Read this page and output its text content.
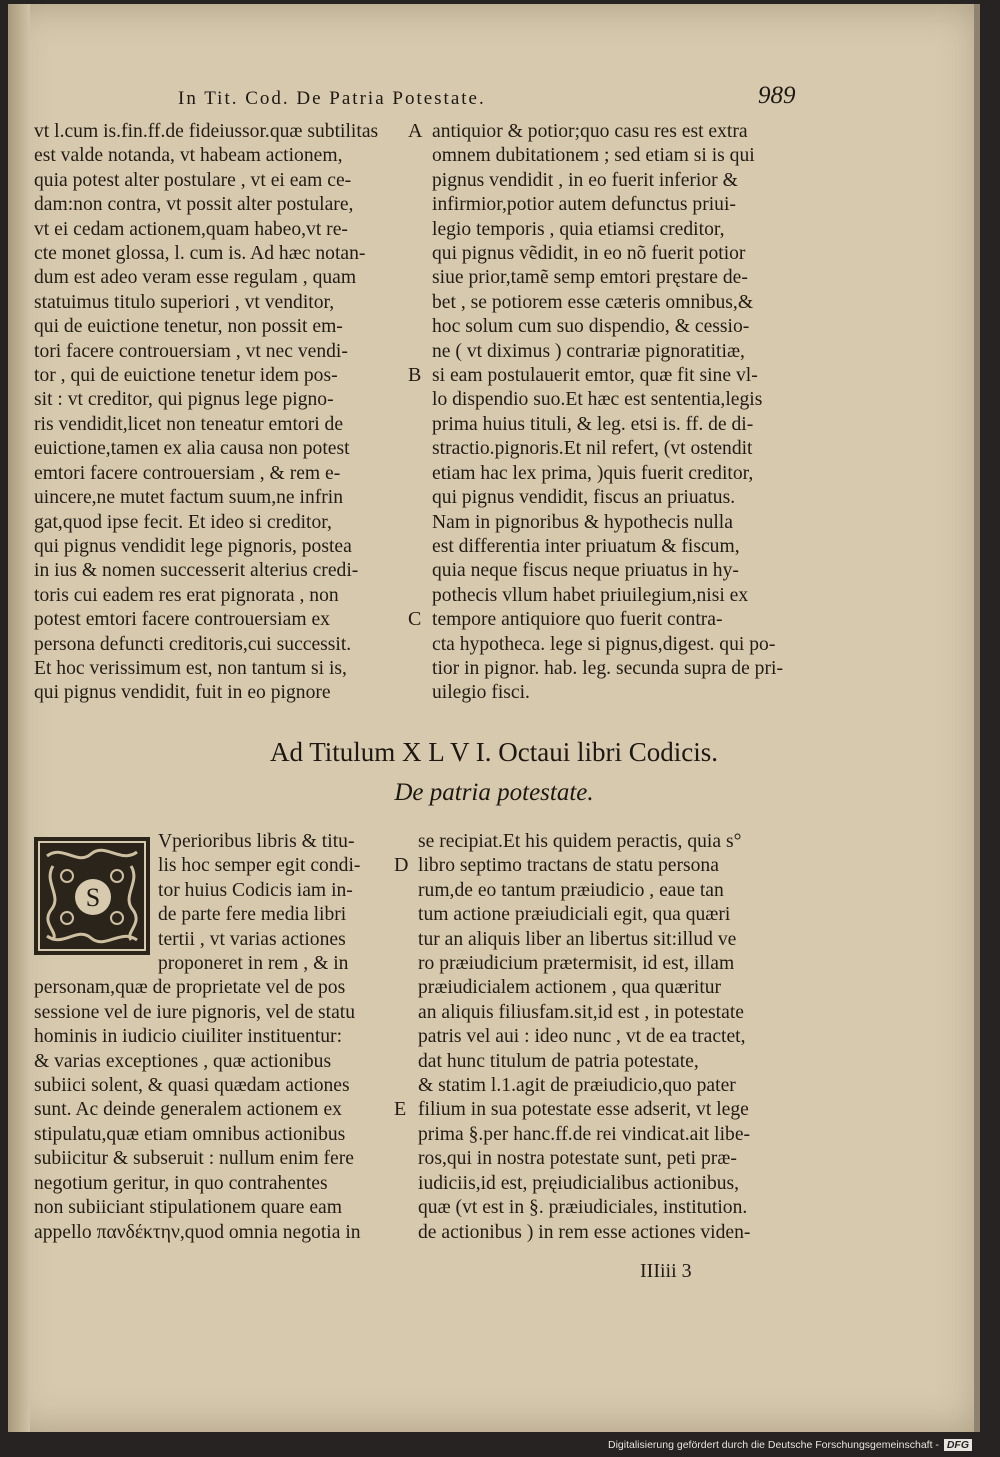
In Tit. Cod. De Patria Potestate.	989
vt l.cum is.fin.ff.de fideiussor.quæ subtilitas
est valde notanda, vt habeam actionem,
quia potest alter postulare , vt ei eam ce-
dam:non contra, vt possit alter postulare,
vt ei cedam actionem,quam habeo,vt re-
cte monet glossa, l. cum is. Ad hæc notan-
dum est adeo veram esse regulam , quam
statuimus titulo superiori , vt venditor,
qui de euictione tenetur, non possit em-
tori facere controuersiam , vt nec vendi-
tor , qui de euictione tenetur idem pos-
sit : vt creditor, qui pignus lege pigno-
ris vendidit,licet non teneatur emtori de
euictione,tamen ex alia causa non potest
emtori facere controuersiam , & rem e-
uincere,ne mutet factum suum,ne infrin
gat,quod ipse fecit. Et ideo si creditor,
qui pignus vendidit lege pignoris, postea
in ius & nomen successerit alterius credi-
toris cui eadem res erat pignorata , non
potest emtori facere controuersiam ex
persona defuncti creditoris,cui successit.
Et hoc verissimum est, non tantum si is,
qui pignus vendidit, fuit in eo pignore
antiquior & potior;quo casu res est extra
omnem dubitationem ; sed etiam si is qui
pignus vendidit , in eo fuerit inferior &
infirmior,potior autem defunctus priui-
legio temporis , quia etiamsi creditor,
qui pignus vẽdidit, in eo nõ fuerit potior
siue prior,tamẽ semp emtori pręstare de-
bet , se potiorem esse cæteris omnibus,&
hoc solum cum suo dispendio, & cessio-
ne ( vt diximus ) contrariæ pignoratitiæ,
si eam postulauerit emtor, quæ fit sine vl-
lo dispendio suo.Et hæc est sententia,legis
prima huius tituli, & leg. etsi is. ff. de di-
stractio.pignoris.Et nil refert, (vt ostendit
etiam hac lex prima, )quis fuerit creditor,
qui pignus vendidit, fiscus an priuatus.
Nam in pignoribus & hypothecis nulla
est differentia inter priuatum & fiscum,
quia neque fiscus neque priuatus in hy-
pothecis vllum habet priuilegium,nisi ex
tempore antiquiore quo fuerit contra-
cta hypotheca. lege si pignus,digest. qui po-
tior in pignor. hab. leg. secunda supra de pri-
uilegio fisci.
A
B
C
Ad Titulum X L V I. Octaui libri Codicis.
De patria potestate.
S
Vperioribus libris & titu-
lis hoc semper egit condi-
tor huius Codicis iam in-
de parte fere media libri
tertii , vt varias actiones
proponeret in rem , & in
personam,quæ de proprietate vel de pos
sessione vel de iure pignoris, vel de statu
hominis in iudicio ciuiliter instituentur:
& varias exceptiones , quæ actionibus
subiici solent, & quasi quædam actiones
sunt. Ac deinde generalem actionem ex
stipulatu,quæ etiam omnibus actionibus
subiicitur & subseruit : nullum enim fere
negotium geritur, in quo contrahentes
non subiiciant stipulationem quare eam
appello πανδέκτην,quod omnia negotia in
se recipiat.Et his quidem peractis, quia s°
libro septimo tractans de statu persona
rum,de eo tantum præiudicio , eaue tan
tum actione præiudiciali egit, qua quæri
tur an aliquis liber an libertus sit:illud ve
ro præiudicium prætermisit, id est, illam
præiudicialem actionem , qua quæritur
an aliquis filiusfam.sit,id est , in potestate
patris vel aui : ideo nunc , vt de ea tractet,
dat hunc titulum de patria potestate,
& statim l.1.agit de præiudicio,quo pater
filium in sua potestate esse adserit, vt lege
prima §.per hanc.ff.de rei vindicat.ait libe-
ros,qui in nostra potestate sunt, peti præ-
iudiciis,id est, pręiudicialibus actionibus,
quæ (vt est in §. præiudiciales, institution.
de actionibus ) in rem esse actiones viden-
D
E
IIIiii 3
Digitalisierung gefördert durch die Deutsche Forschungsgemeinschaft - DFG
